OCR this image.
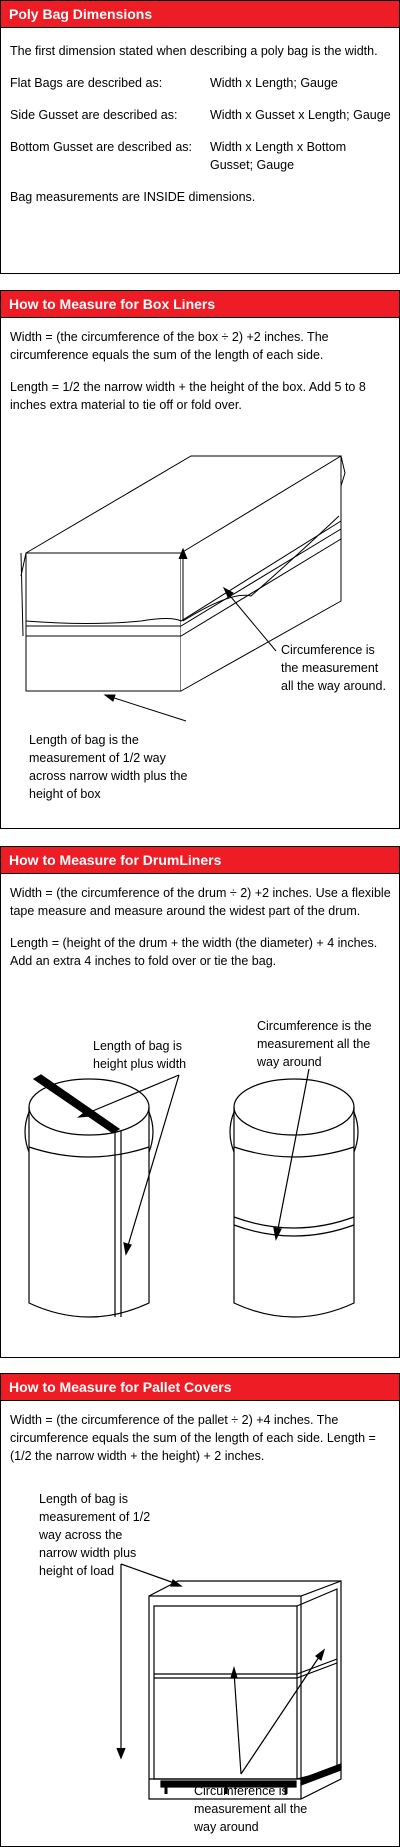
Poly Bag Dimensions

The first dimension stated when describing a poly bag is the width.

Flat Bags are described as:	Width x Length; Gauge
Side Gusset are described as:	Width x Gusset x Length; Gauge
Bottom Gusset are described as:	Width x Length x Bottom Gusset; Gauge

Bag measurements are INSIDE dimensions.

How to Measure for Box Liners

Width = (the circumference of the box ÷ 2) +2 inches. The circumference equals the sum of the length of each side.

Length = 1/2 the narrow width + the height of the box. Add 5 to 8 inches extra material to tie off or fold over.

Circumference is the measurement all the way around.
Length of bag is the measurement of 1/2 way across narrow width plus the height of box
How to Measure for DrumLiners

Width = (the circumference of the drum ÷ 2) +2 inches. Use a flexible tape measure and measure around the widest part of the drum.

Length = (height of the drum + the width (the diameter) + 4 inches. Add an extra 4 inches to fold over or tie the bag.

Length of bag is height plus width
Circumference is the measurement all the way around
How to Measure for Pallet Covers

Width = (the circumference of the pallet ÷ 2) +4 inches. The circumference equals the sum of the length of each side. Length = (1/2 the narrow width + the height) + 2 inches.

Length of bag is measurement of 1/2 way across the narrow width plus height of load
Circumference is measurement all the way around
